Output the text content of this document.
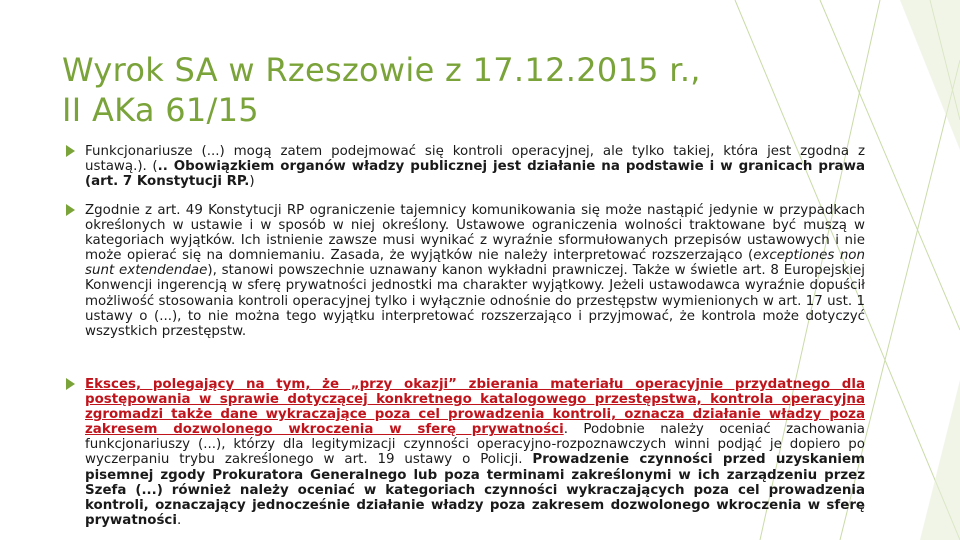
Wyrok SA w Rzeszowie z 17.12.2015 r.,
II AKa 61/15
Funkcjonariusze (...) mogą zatem podejmować się kontroli operacyjnej, ale tylko takiej, która jest zgodna z ustawą.). (.. Obowiązkiem organów władzy publicznej jest działanie na podstawie i w granicach prawa (art. 7 Konstytucji RP.)
Zgodnie z art. 49 Konstytucji RP ograniczenie tajemnicy komunikowania się może nastąpić jedynie w przypadkach określonych w ustawie i w sposób w niej określony. Ustawowe ograniczenia wolności traktowane być muszą w kategoriach wyjątków. Ich istnienie zawsze musi wynikać z wyraźnie sformułowanych przepisów ustawowych i nie może opierać się na domniemaniu. Zasada, że wyjątków nie należy interpretować rozszerzająco (exceptiones non sunt extendendae), stanowi powszechnie uznawany kanon wykładni prawniczej. Także w świetle art. 8 Europejskiej Konwencji ingerencją w sferę prywatności jednostki ma charakter wyjątkowy. Jeżeli ustawodawca wyraźnie dopuścił możliwość stosowania kontroli operacyjnej tylko i wyłącznie odnośnie do przestępstw wymienionych w art. 17 ust. 1 ustawy o (...), to nie można tego wyjątku interpretować rozszerzająco i przyjmować, że kontrola może dotyczyć wszystkich przestępstw.
Eksces, polegający na tym, że „przy okazji” zbierania materiału operacyjnie przydatnego dla postępowania w sprawie dotyczącej konkretnego katalogowego przestępstwa, kontrola operacyjna zgromadzi także dane wykraczające poza cel prowadzenia kontroli, oznacza działanie władzy poza zakresem dozwolonego wkroczenia w sferę prywatności. Podobnie należy oceniać zachowania funkcjonariuszy (...), którzy dla legitymizacji czynności operacyjno-rozpoznawczych winni podjąć je dopiero po wyczerpaniu trybu zakreślonego w art. 19 ustawy o Policji. Prowadzenie czynności przed uzyskaniem pisemnej zgody Prokuratora Generalnego lub poza terminami zakreślonymi w ich zarządzeniu przez Szefa (...) również należy oceniać w kategoriach czynności wykraczających poza cel prowadzenia kontroli, oznaczający jednocześnie działanie władzy poza zakresem dozwolonego wkroczenia w sferę prywatności.
